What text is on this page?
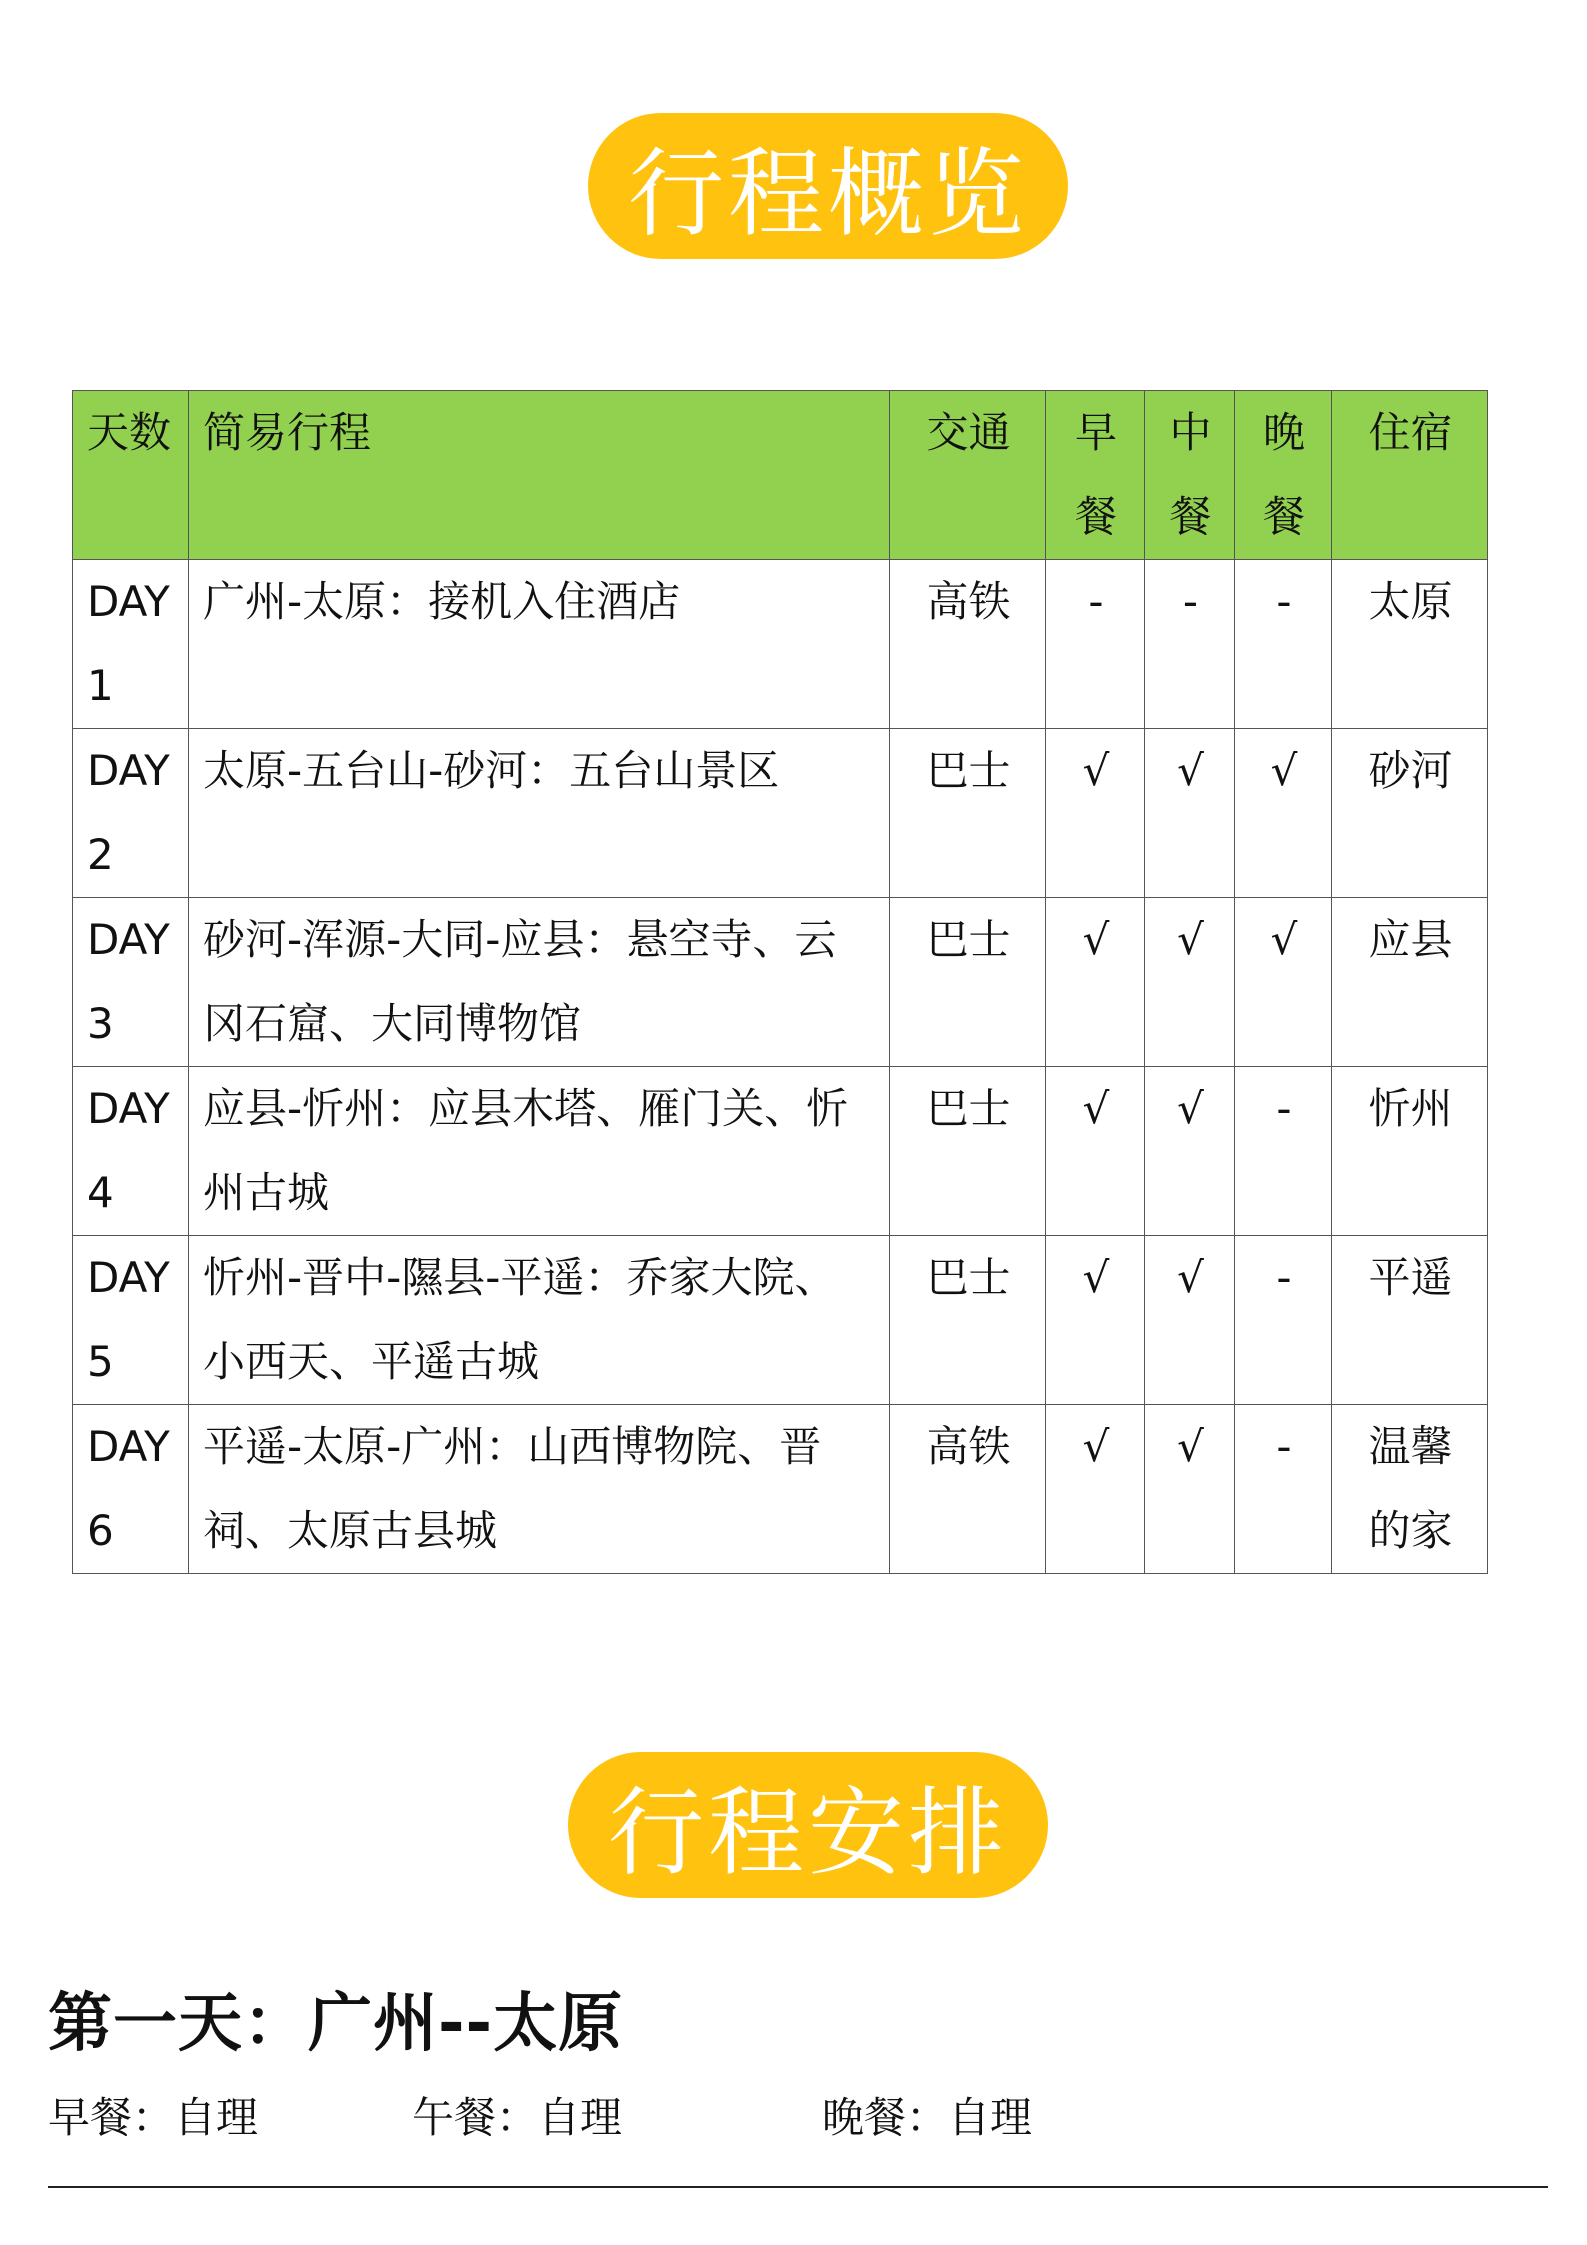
行程概览
天数	简易行程	交通	早餐	中餐	晚餐	住宿

DAY1	广州-太原：接机入住酒店	高铁	-	-	-	太原

DAY2	太原-五台山-砂河：五台山景区	巴士	√	√	√	砂河

DAY3	砂河-浑源-大同-应县：悬空寺、云冈石窟、大同博物馆	巴士	√	√	√	应县

DAY4	应县-忻州：应县木塔、雁门关、忻州古城	巴士	√	√	-	忻州

DAY5	忻州-晋中-隰县-平遥：乔家大院、小西天、平遥古城	巴士	√	√	-	平遥

DAY6	平遥-太原-广州：山西博物院、晋祠、太原古县城	高铁	√	√	-	温馨的家
行程安排
第一天：广州--太原
早餐：自理	午餐：自理	晚餐：自理
